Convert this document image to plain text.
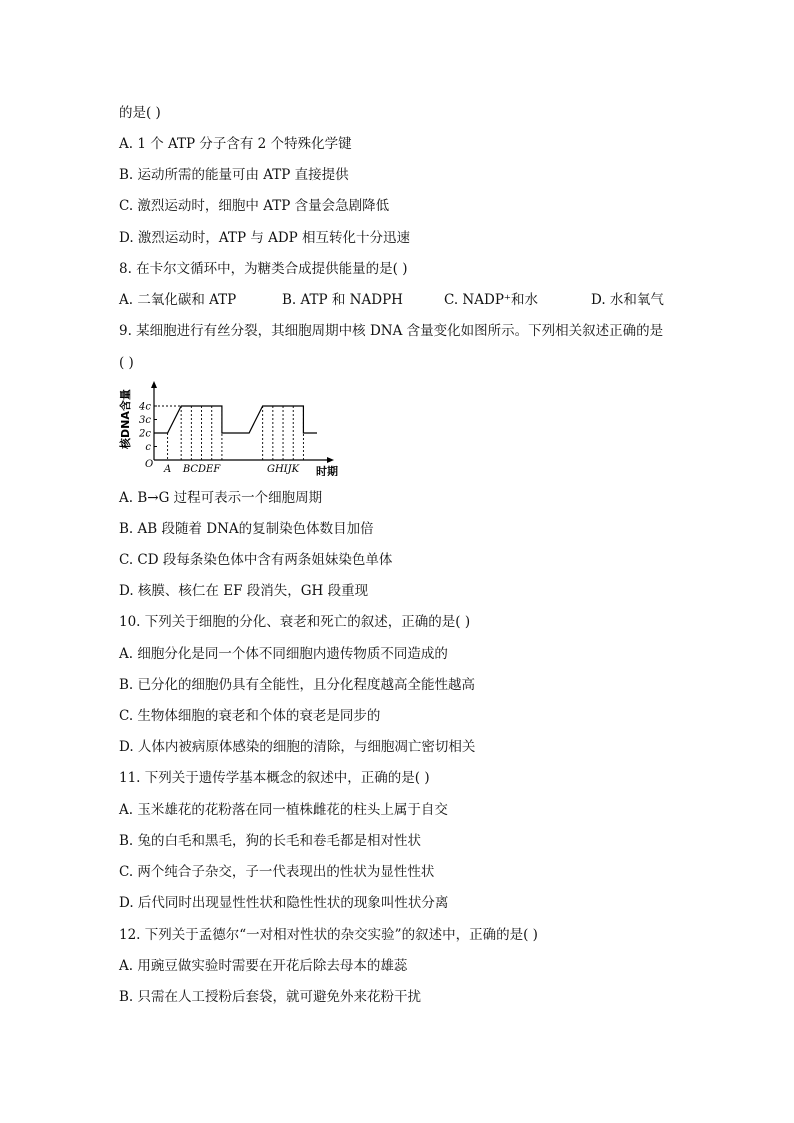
的是( )
A. 1 个 ATP 分子含有 2 个特殊化学键
B. 运动所需的能量可由 ATP 直接提供
C. 激烈运动时，细胞中 ATP 含量会急剧降低
D. 激烈运动时，ATP 与 ADP 相互转化十分迅速
8. 在卡尔文循环中，为糖类合成提供能量的是( )
A. 二氧化碳和 ATP	B. ATP 和 NADPH	C. NADP⁺和水	D. 水和氧气
9. 某细胞进行有丝分裂，其细胞周期中核 DNA 含量变化如图所示。下列相关叙述正确的是
( )
c
2c
3c
4c
核DNA含量
时期
O A BCDEF	GHIJK
A. B→G 过程可表示一个细胞周期
B. AB 段随着 DNA的复制染色体数目加倍
C. CD 段每条染色体中含有两条姐妹染色单体
D. 核膜、核仁在 EF 段消失，GH 段重现
10. 下列关于细胞的分化、衰老和死亡的叙述，正确的是( )
A. 细胞分化是同一个体不同细胞内遗传物质不同造成的
B. 已分化的细胞仍具有全能性，且分化程度越高全能性越高
C. 生物体细胞的衰老和个体的衰老是同步的
D. 人体内被病原体感染的细胞的清除，与细胞凋亡密切相关
11. 下列关于遗传学基本概念的叙述中，正确的是( )
A. 玉米雄花的花粉落在同一植株雌花的柱头上属于自交
B. 兔的白毛和黑毛，狗的长毛和卷毛都是相对性状
C. 两个纯合子杂交，子一代表现出的性状为显性性状
D. 后代同时出现显性性状和隐性性状的现象叫性状分离
12. 下列关于孟德尔“一对相对性状的杂交实验”的叙述中，正确的是( )
A. 用豌豆做实验时需要在开花后除去母本的雄蕊
B. 只需在人工授粉后套袋，就可避免外来花粉干扰
